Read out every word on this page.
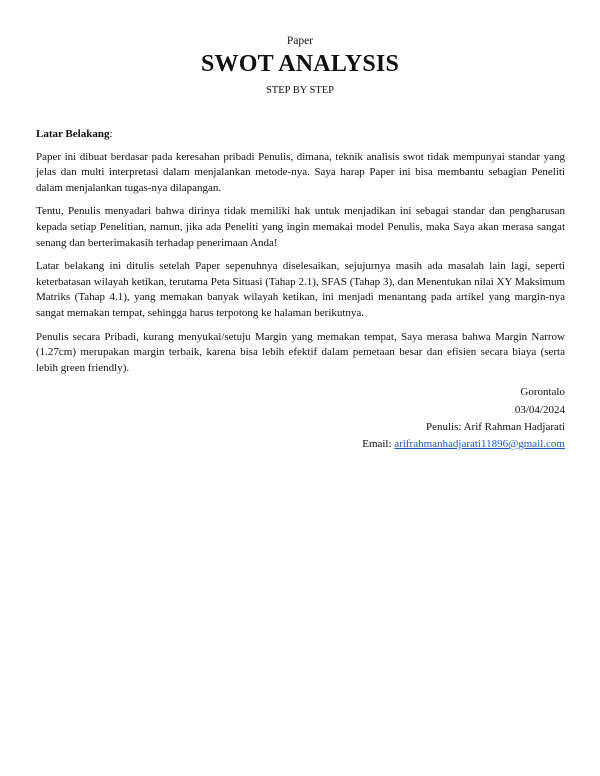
Paper
SWOT ANALYSIS
STEP BY STEP

Latar Belakang:

Paper ini dibuat berdasar pada keresahan pribadi Penulis, dimana, teknik analisis swot tidak mempunyai standar yang jelas dan multi interpretasi dalam menjalankan metode-nya. Saya harap Paper ini bisa membantu sebagian Peneliti dalam menjalankan tugas-nya dilapangan.

Tentu, Penulis menyadari bahwa dirinya tidak memiliki hak untuk menjadikan ini sebagai standar dan pengharusan kepada setiap Penelitian, namun, jika ada Peneliti yang ingin memakai model Penulis, maka Saya akan merasa sangat senang dan berterimakasih terhadap penerimaan Anda!

Latar belakang ini ditulis setelah Paper sepenuhnya diselesaikan, sejujurnya masih ada masalah lain lagi, seperti keterbatasan wilayah ketikan, terutama Peta Situasi (Tahap 2.1), SFAS (Tahap 3), dan Menentukan nilai XY Maksimum Matriks (Tahap 4.1), yang memakan banyak wilayah ketikan, ini menjadi menantang pada artikel yang margin-nya sangat memakan tempat, sehingga harus terpotong ke halaman berikutnya.

Penulis secara Pribadi, kurang menyukai/setuju Margin yang memakan tempat, Saya merasa bahwa Margin Narrow (1.27cm) merupakan margin terbaik, karena bisa lebih efektif dalam pemetaan besar dan efisien secara biaya (serta lebih green friendly).

Gorontalo
03/04/2024
Penulis: Arif Rahman Hadjarati
Email: arifrahmanhadjarati11896@gmail.com
